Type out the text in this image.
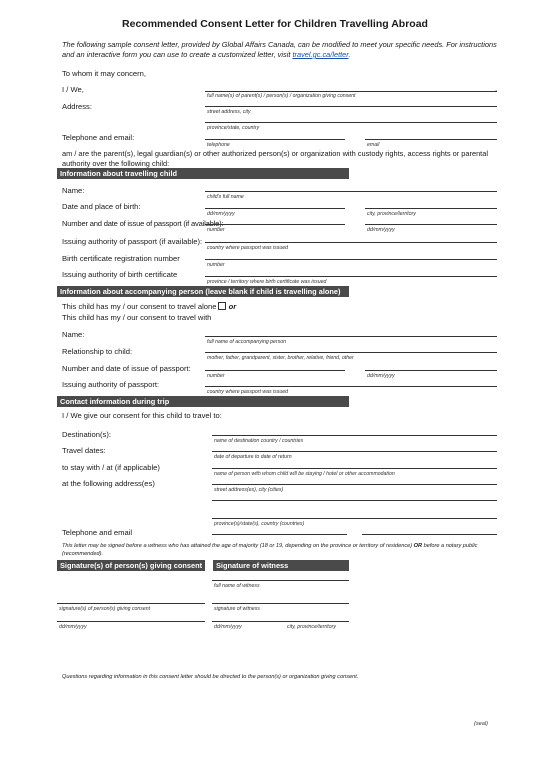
Recommended Consent Letter for Children Travelling Abroad
The following sample consent letter, provided by Global Affairs Canada, can be modified to meet your specific needs. For instructions and an interactive form you can use to create a customized letter, visit travel.gc.ca/letter.
To whom it may concern,
I / We,	,
full name(s) of parent(s) / person(s) / organization giving consent
Address:
street address, city
province/state, country
Telephone and email:
telephone	email
am / are the parent(s), legal guardian(s) or other authorized person(s) or organization with custody rights, access rights or parental authority over the following child:
Information about travelling child
Name:
child's full name
Date and place of birth:
dd/mm/yyyy	city, province/territory
Number and date of issue of passport (if available):
number	dd/mm/yyyy
Issuing authority of passport (if available):
country where passport was issued
Birth certificate registration number
number
Issuing authority of birth certificate
province / territory where birth certificate was issued
Information about accompanying person (leave blank if child is travelling alone)
This child has my / our consent to travel alone or
This child has my / our consent to travel with
Name:
full name of accompanying person
Relationship to child:
mother, father, grandparent, sister, brother, relative, friend, other
Number and date of issue of passport:
number	dd/mm/yyyy
Issuing authority of passport:
country where passport was issued
Contact information during trip
I / We give our consent for this child to travel to:
Destination(s):
name of destination country / countries
Travel dates:
date of departure to date of return
to stay with / at (if applicable)
name of person with whom child will be staying / hotel or other accommodation
at the following address(es)
street address(es), city (cities)
province(s)/state(s), country (countries)
Telephone and email
This letter may be signed before a witness who has attained the age of majority (18 or 19, depending on the province or territory of residence) OR before a notary public (recommended).
Signature(s) of person(s) giving consent	Signature of witness
full name of witness
signature(s) of person(s) giving consent	signature of witness
dd/mm/yyyy	dd/mm/yyyy	city, province/territory
Questions regarding information in this consent letter should be directed to the person(s) or organization giving consent.
(seal)
